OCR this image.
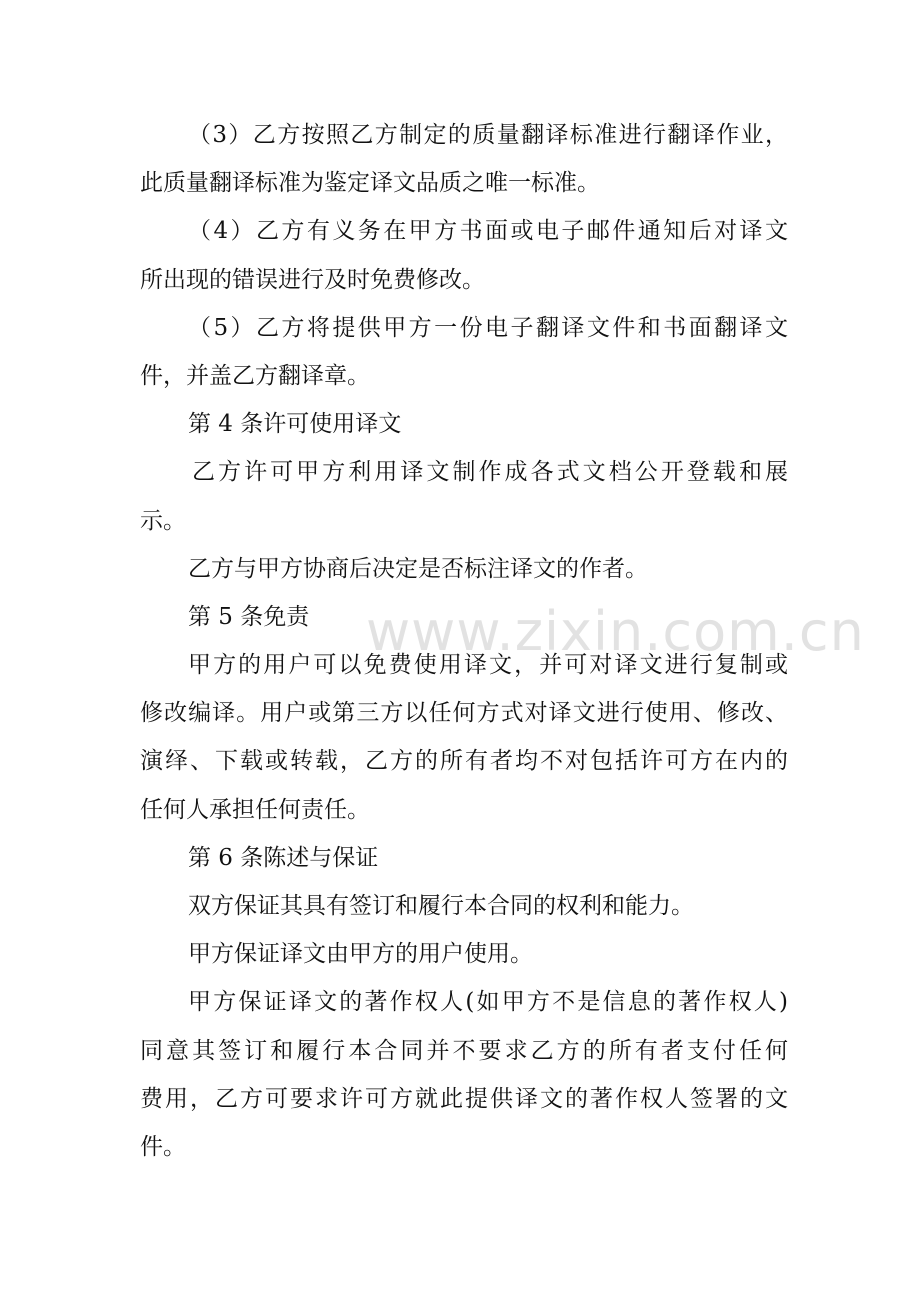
（3）乙方按照乙方制定的质量翻译标准进行翻译作业，
此质量翻译标准为鉴定译文品质之唯一标准。
（4）乙方有义务在甲方书面或电子邮件通知后对译文
所出现的错误进行及时免费修改。
（5）乙方将提供甲方一份电子翻译文件和书面翻译文
件，并盖乙方翻译章。
第 4 条许可使用译文
乙方许可甲方利用译文制作成各式文档公开登载和展
示。
乙方与甲方协商后决定是否标注译文的作者。
第 5 条免责
甲方的用户可以免费使用译文，并可对译文进行复制或
修改编译。用户或第三方以任何方式对译文进行使用、修改、
演绎、下载或转载，乙方的所有者均不对包括许可方在内的
任何人承担任何责任。
第 6 条陈述与保证
双方保证其具有签订和履行本合同的权利和能力。
甲方保证译文由甲方的用户使用。
甲方保证译文的著作权人(如甲方不是信息的著作权人)
同意其签订和履行本合同并不要求乙方的所有者支付任何
费用，乙方可要求许可方就此提供译文的著作权人签署的文
件。
www.zixin.com.cn
